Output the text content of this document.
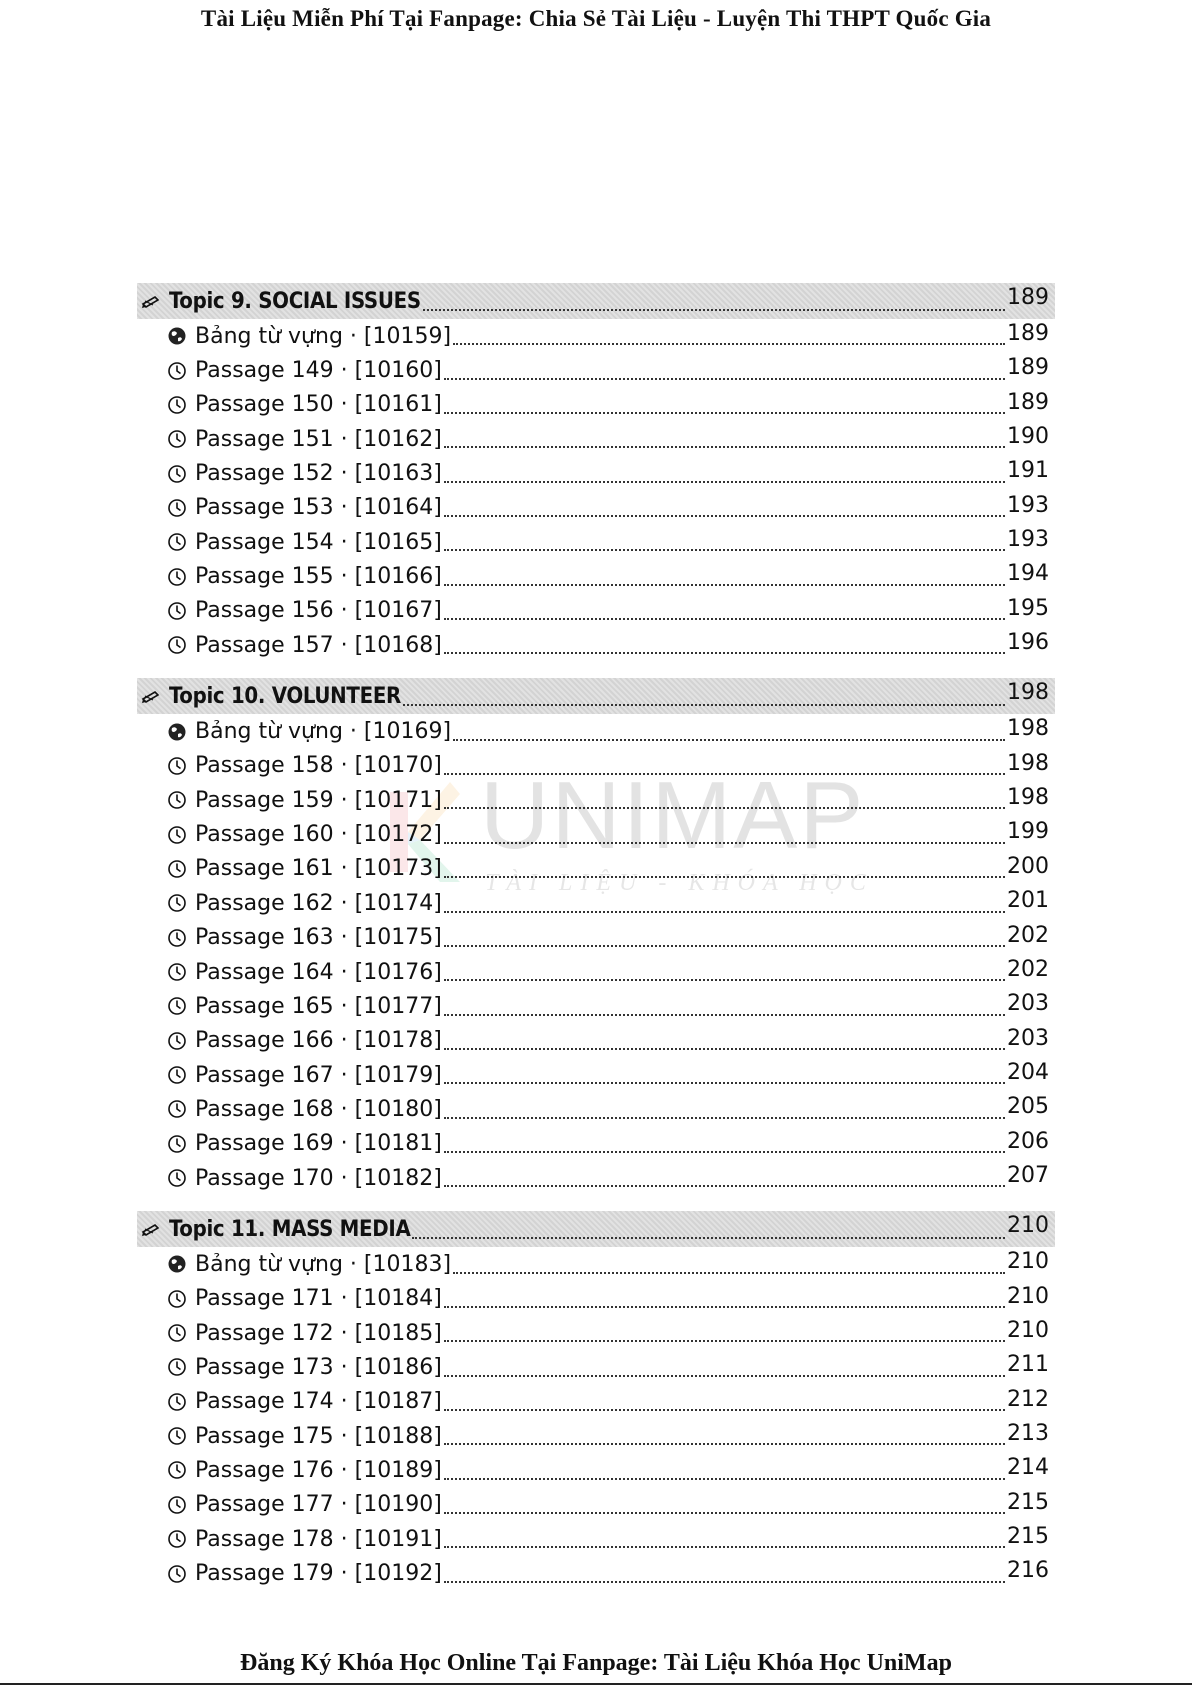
Tài Liệu Miễn Phí Tại Fanpage: Chia Sẻ Tài Liệu - Luyện Thi THPT Quốc Gia
UNIMAP
TÀI LIỆU - KHÓA HỌC
Topic 9. SOCIAL ISSUES	189
Bảng từ vựng · [10159]	189
Passage 149 · [10160]	189
Passage 150 · [10161]	189
Passage 151 · [10162]	190
Passage 152 · [10163]	191
Passage 153 · [10164]	193
Passage 154 · [10165]	193
Passage 155 · [10166]	194
Passage 156 · [10167]	195
Passage 157 · [10168]	196
Topic 10. VOLUNTEER	198
Bảng từ vựng · [10169]	198
Passage 158 · [10170]	198
Passage 159 · [10171]	198
Passage 160 · [10172]	199
Passage 161 · [10173]	200
Passage 162 · [10174]	201
Passage 163 · [10175]	202
Passage 164 · [10176]	202
Passage 165 · [10177]	203
Passage 166 · [10178]	203
Passage 167 · [10179]	204
Passage 168 · [10180]	205
Passage 169 · [10181]	206
Passage 170 · [10182]	207
Topic 11. MASS MEDIA	210
Bảng từ vựng · [10183]	210
Passage 171 · [10184]	210
Passage 172 · [10185]	210
Passage 173 · [10186]	211
Passage 174 · [10187]	212
Passage 175 · [10188]	213
Passage 176 · [10189]	214
Passage 177 · [10190]	215
Passage 178 · [10191]	215
Passage 179 · [10192]	216
Đăng Ký Khóa Học Online Tại Fanpage: Tài Liệu Khóa Học UniMap
